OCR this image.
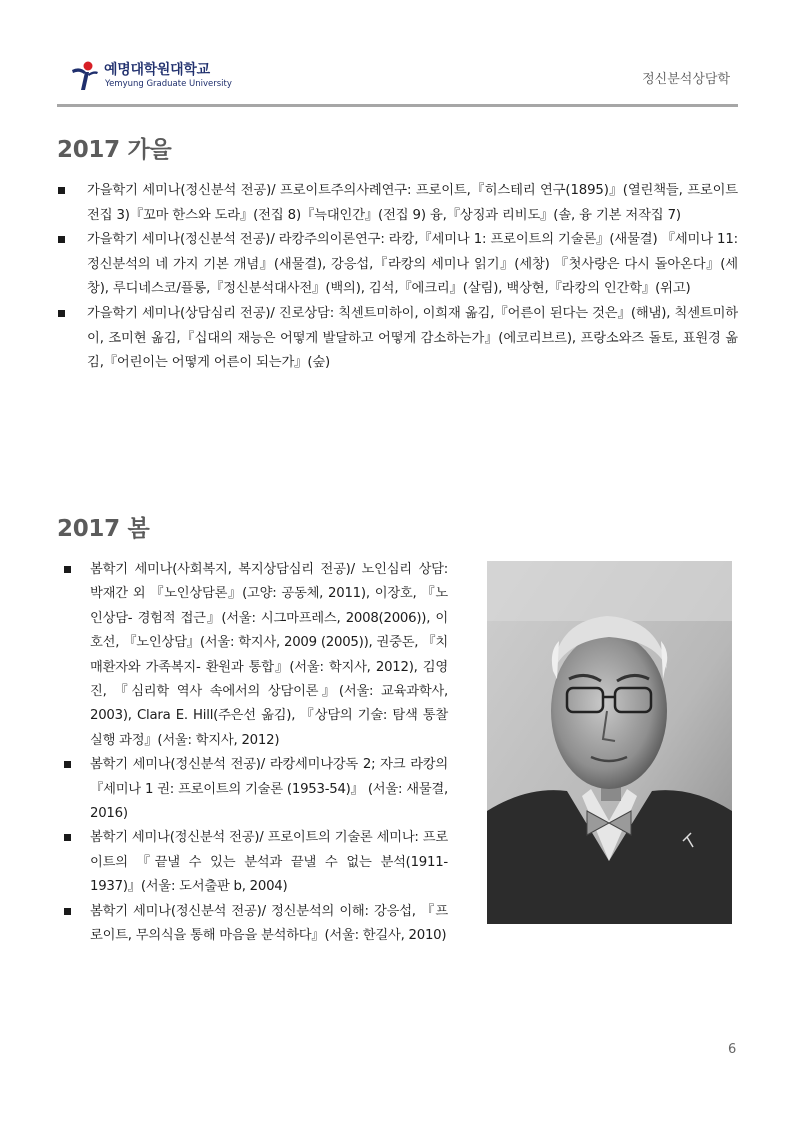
예명대학원대학교
Yemyung Graduate University	정신분석상담학
2017 가을
가을학기 세미나(정신분석 전공)/ 프로이트주의사례연구: 프로이트,『히스테리 연구(1895)』(열린책들, 프로이트전집 3)『꼬마 한스와 도라』(전집 8)『늑대인간』(전집 9) 융,『상징과 리비도』(솔, 융 기본 저작집 7)
가을학기 세미나(정신분석 전공)/ 라캉주의이론연구: 라캉,『세미나 1: 프로이트의 기술론』(새물결) 『세미나 11: 정신분석의 네 가지 기본 개념』(새물결), 강응섭,『라캉의 세미나 읽기』(세창) 『첫사랑은 다시 돌아온다』(세창), 루디네스코/플롱,『정신분석대사전』(백의), 김석,『에크리』(살림), 백상현,『라캉의 인간학』(위고)
가을학기 세미나(상담심리 전공)/ 진로상담: 칙센트미하이, 이희재 옮김,『어른이 된다는 것은』(해냄), 칙센트미하이, 조미현 옮김,『십대의 재능은 어떻게 발달하고 어떻게 감소하는가』(에코리브르), 프랑소와즈 돌토, 표원경 옮김,『어린이는 어떻게 어른이 되는가』(숲)
2017 봄
봄학기 세미나(사회복지, 복지상담심리 전공)/ 노인심리 상담: 박재간 외 『노인상담론』(고양: 공동체, 2011), 이장호, 『노인상담- 경험적 접근』(서울: 시그마프레스, 2008(2006)), 이호선, 『노인상담』(서울: 학지사, 2009 (2005)), 권중돈, 『치매환자와 가족복지- 환원과 통합』(서울: 학지사, 2012), 김영진, 『심리학 역사 속에서의 상담이론』(서울: 교육과학사, 2003), Clara E. Hill(주은선 옮김), 『상담의 기술: 탐색 통찰 실행 과정』(서울: 학지사, 2012)
봄학기 세미나(정신분석 전공)/ 라캉세미나강독 2; 자크 라캉의 『세미나 1 권: 프로이트의 기술론 (1953-54)』 (서울: 새물결, 2016)
봄학기 세미나(정신분석 전공)/ 프로이트의 기술론 세미나: 프로이트의 『끝낼 수 있는 분석과 끝낼 수 없는 분석(1911-1937)』(서울: 도서출판 b, 2004)
봄학기 세미나(정신분석 전공)/ 정신분석의 이해: 강응섭, 『프로이트, 무의식을 통해 마음을 분석하다』(서울: 한길사, 2010)
6
